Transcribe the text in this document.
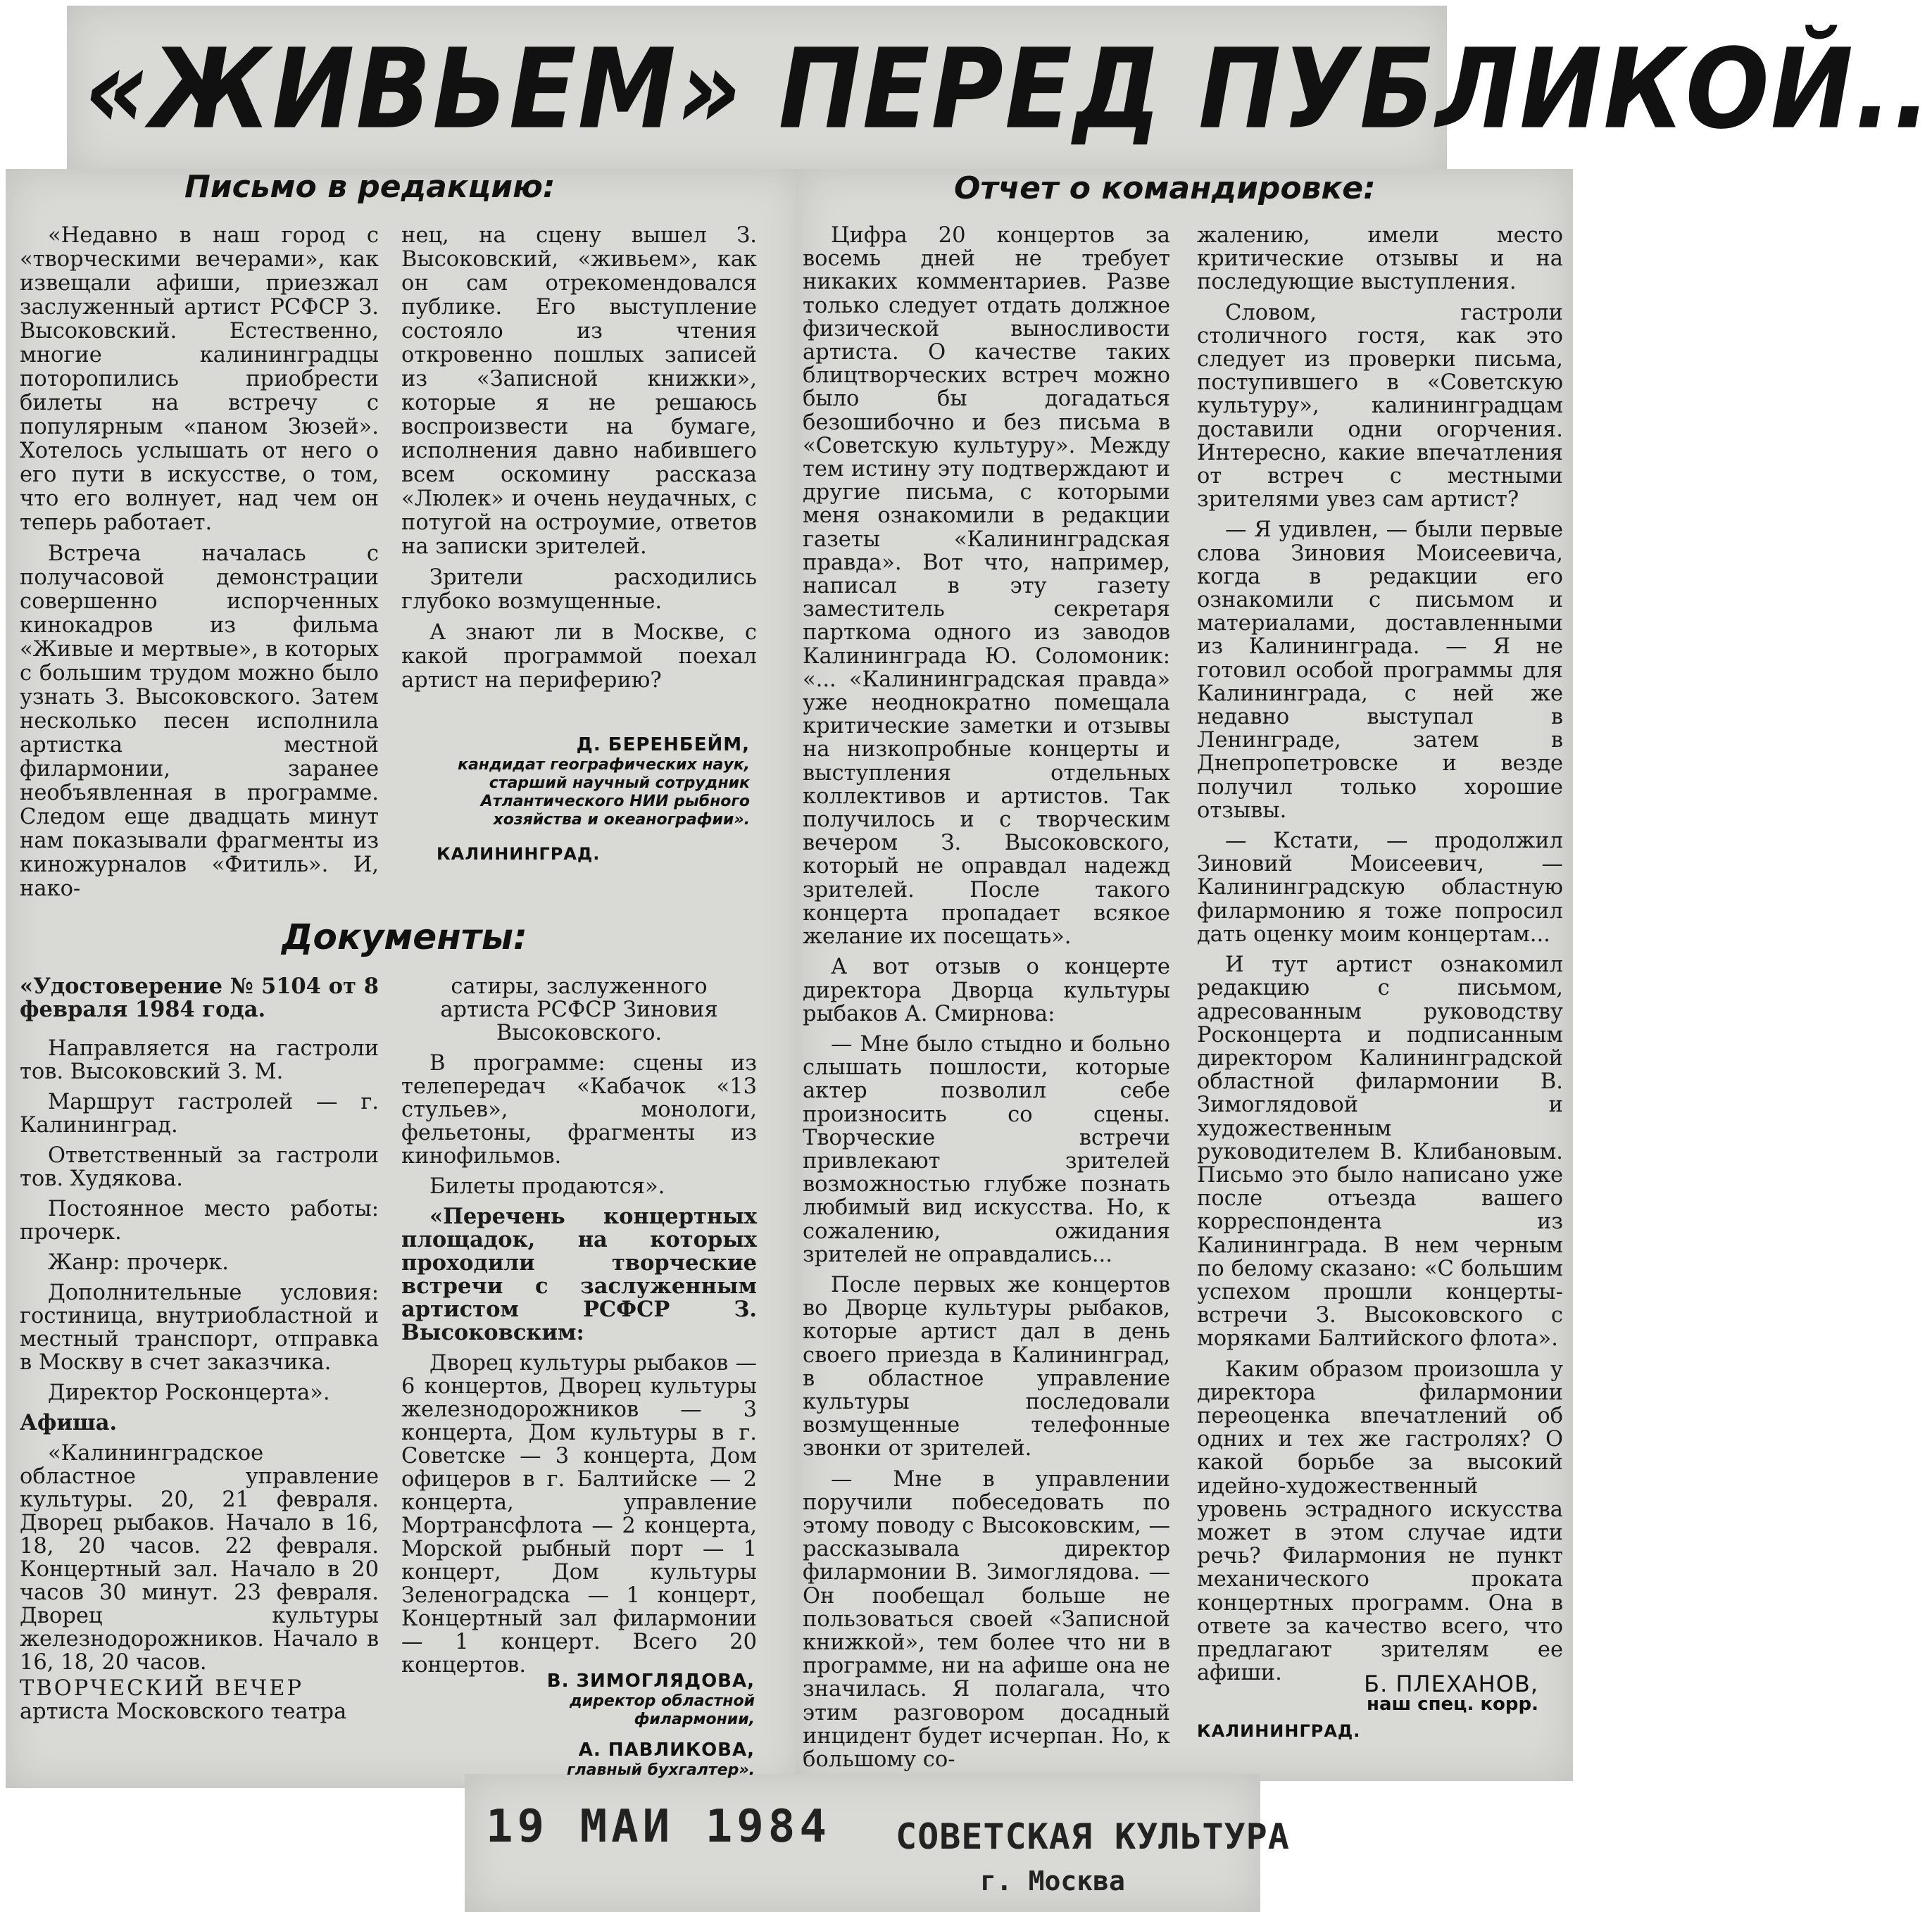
«ЖИВЬЕМ» ПЕРЕД ПУБЛИКОЙ..
Письмо в редакцию:	Отчет о командировке:
Документы:

«Недавно в наш город с «творческими вечерами», как извещали афиши, приезжал заслуженный артист РСФСР З. Высоковский. Естественно, многие калининградцы поторопились приобрести билеты на встречу с популярным «паном Зюзей». Хотелось услышать от него о его пути в искусстве, о том, что его волнует, над чем он теперь работает.

Встреча началась с получасовой демонстрации совершенно испорченных кинокадров из фильма «Живые и мертвые», в которых с большим трудом можно было узнать З. Высоковского. Затем несколько песен исполнила артистка местной филармонии, заранее необъявленная в программе. Следом еще двадцать минут нам показывали фрагменты из киножурналов «Фитиль». И, нако-

нец, на сцену вышел З. Высоковский, «живьем», как он сам отрекомендовался публике. Его выступление состояло из чтения откровенно пошлых записей из «Записной книжки», которые я не решаюсь воспроизвести на бумаге, исполнения давно набившего всем оскомину рассказа «Люлек» и очень неудачных, с потугой на остроумие, ответов на записки зрителей.

Зрители расходились глубоко возмущенные.

А знают ли в Москве, с какой программой поехал артист на периферию?

Д. БЕРЕНБЕЙМ,
кандидат географических наук, старший научный сотрудник Атлантического НИИ рыбного хозяйства и океанографии».
КАЛИНИНГРАД.

«Удостоверение № 5104 от 8 февраля 1984 года.

Направляется на гастроли тов. Высоковский З. М.

Маршрут гастролей — г. Калининград.

Ответственный за гастроли тов. Худякова.

Постоянное место работы: прочерк.

Жанр: прочерк.

Дополнительные условия: гостиница, внутриобластной и местный транспорт, отправка в Москву в счет заказчика.

Директор Росконцерта».

Афиша.

«Калининградское областное управление культуры. 20, 21 февраля. Дворец рыбаков. Начало в 16, 18, 20 часов. 22 февраля. Концертный зал. Начало в 20 часов 30 минут. 23 февраля. Дворец культуры железнодорожников. Начало в 16, 18, 20 часов.

ТВОРЧЕСКИЙ ВЕЧЕР

артиста Московского театра

сатиры, заслуженного артиста РСФСР Зиновия Высоковского.

В программе: сцены из телепередач «Кабачок «13 стульев», монологи, фельетоны, фрагменты из кинофильмов.

Билеты продаются».

«Перечень концертных площадок, на которых проходили творческие встречи с заслуженным артистом РСФСР З. Высоковским:

Дворец культуры рыбаков — 6 концертов, Дворец культуры железнодорожников — 3 концерта, Дом культуры в г. Советске — 3 концерта, Дом офицеров в г. Балтийске — 2 концерта, управление Мортрансфлота — 2 концерта, Морской рыбный порт — 1 концерт, Дом культуры Зеленоградска — 1 концерт, Концертный зал филармонии — 1 концерт. Всего 20 концертов.

В. ЗИМОГЛЯДОВА,
директор областной филармонии,
А. ПАВЛИКОВА,
главный бухгалтер».

Цифра 20 концертов за восемь дней не требует никаких комментариев. Разве только следует отдать должное физической выносливости артиста. О качестве таких блицтворческих встреч можно было бы догадаться безошибочно и без письма в «Советскую культуру». Между тем истину эту подтверждают и другие письма, с которыми меня ознакомили в редакции газеты «Калининградская правда». Вот что, например, написал в эту газету заместитель секретаря парткома одного из заводов Калининграда Ю. Соломоник: «... «Калининградская правда» уже неоднократно помещала критические заметки и отзывы на низкопробные концерты и выступления отдельных коллективов и артистов. Так получилось и с творческим вечером З. Высоковского, который не оправдал надежд зрителей. После такого концерта пропадает всякое желание их посещать».

А вот отзыв о концерте директора Дворца культуры рыбаков А. Смирнова:

— Мне было стыдно и больно слышать пошлости, которые актер позволил себе произносить со сцены. Творческие встречи привлекают зрителей возможностью глубже познать любимый вид искусства. Но, к сожалению, ожидания зрителей не оправдались...

После первых же концертов во Дворце культуры рыбаков, которые артист дал в день своего приезда в Калининград, в областное управление культуры последовали возмущенные телефонные звонки от зрителей.

— Мне в управлении поручили побеседовать по этому поводу с Высоковским, — рассказывала директор филармонии В. Зимоглядова. — Он пообещал больше не пользоваться своей «Записной книжкой», тем более что ни в программе, ни на афише она не значилась. Я полагала, что этим разговором досадный инцидент будет исчерпан. Но, к большому со-

жалению, имели место критические отзывы и на последующие выступления.

Словом, гастроли столичного гостя, как это следует из проверки письма, поступившего в «Советскую культуру», калининградцам доставили одни огорчения. Интересно, какие впечатления от встреч с местными зрителями увез сам артист?

— Я удивлен, — были первые слова Зиновия Моисеевича, когда в редакции его ознакомили с письмом и материалами, доставленными из Калининграда. — Я не готовил особой программы для Калининграда, с ней же недавно выступал в Ленинграде, затем в Днепропетровске и везде получил только хорошие отзывы.

— Кстати, — продолжил Зиновий Моисеевич, — Калининградскую областную филармонию я тоже попросил дать оценку моим концертам...

И тут артист ознакомил редакцию с письмом, адресованным руководству Росконцерта и подписанным директором Калининградской областной филармонии В. Зимоглядовой и художественным руководителем В. Клибановым. Письмо это было написано уже после отъезда вашего корреспондента из Калининграда. В нем черным по белому сказано: «С большим успехом прошли концерты-встречи З. Высоковского с моряками Балтийского флота».

Каким образом произошла у директора филармонии переоценка впечатлений об одних и тех же гастролях? О какой борьбе за высокий идейно-художественный уровень эстрадного искусства может в этом случае идти речь? Филармония не пункт механического проката концертных программ. Она в ответе за качество всего, что предлагают зрителям ее афиши.	Б. ПЛЕХАНОВ,
наш спец. корр.
КАЛИНИНГРАД.
19 МАИ 1984 СОВЕТСКАЯ КУЛЬТУРА
г. Москва
